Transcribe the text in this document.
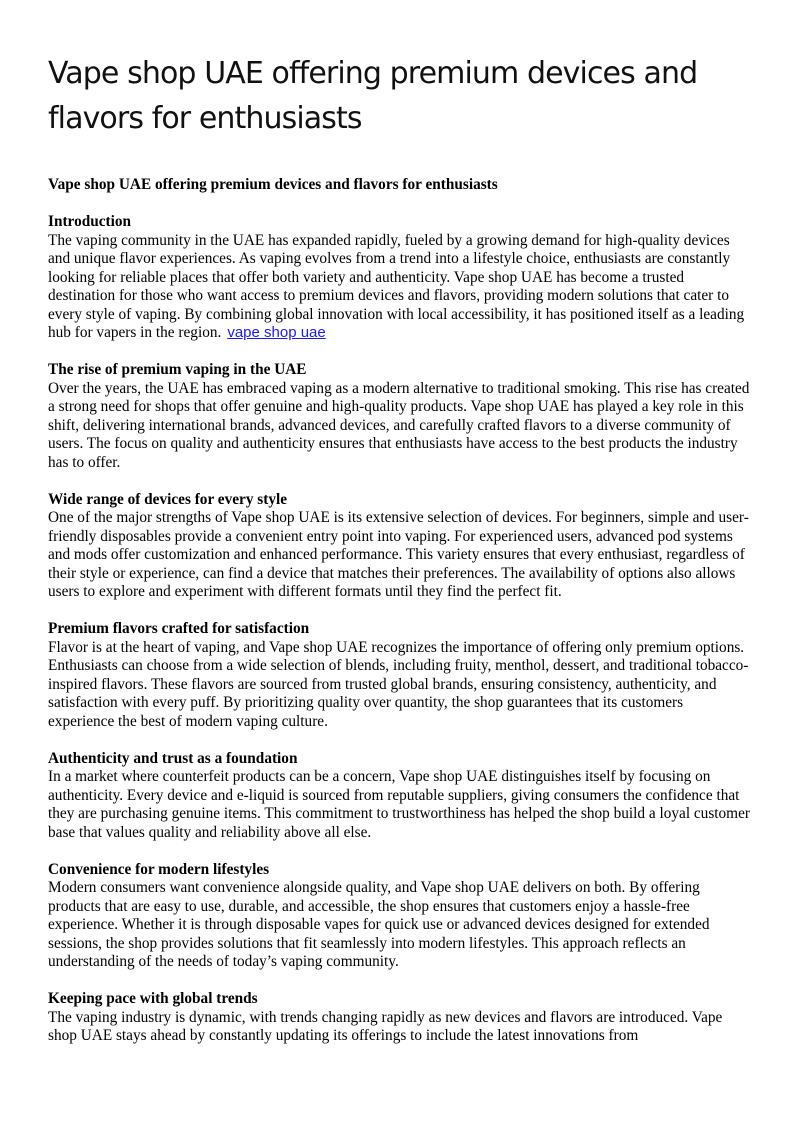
Vape shop UAE offering premium devices and flavors for enthusiasts

Vape shop UAE offering premium devices and flavors for enthusiasts

Introduction

The vaping community in the UAE has expanded rapidly, fueled by a growing demand for high-quality devices and unique flavor experiences. As vaping evolves from a trend into a lifestyle choice, enthusiasts are constantly looking for reliable places that offer both variety and authenticity. Vape shop UAE has become a trusted destination for those who want access to premium devices and flavors, providing modern solutions that cater to every style of vaping. By combining global innovation with local accessibility, it has positioned itself as a leading hub for vapers in the region. vape shop uae

The rise of premium vaping in the UAE

Over the years, the UAE has embraced vaping as a modern alternative to traditional smoking. This rise has created a strong need for shops that offer genuine and high-quality products. Vape shop UAE has played a key role in this shift, delivering international brands, advanced devices, and carefully crafted flavors to a diverse community of users. The focus on quality and authenticity ensures that enthusiasts have access to the best products the industry has to offer.

Wide range of devices for every style

One of the major strengths of Vape shop UAE is its extensive selection of devices. For beginners, simple and user-friendly disposables provide a convenient entry point into vaping. For experienced users, advanced pod systems and mods offer customization and enhanced performance. This variety ensures that every enthusiast, regardless of their style or experience, can find a device that matches their preferences. The availability of options also allows users to explore and experiment with different formats until they find the perfect fit.

Premium flavors crafted for satisfaction

Flavor is at the heart of vaping, and Vape shop UAE recognizes the importance of offering only premium options. Enthusiasts can choose from a wide selection of blends, including fruity, menthol, dessert, and traditional tobacco-inspired flavors. These flavors are sourced from trusted global brands, ensuring consistency, authenticity, and satisfaction with every puff. By prioritizing quality over quantity, the shop guarantees that its customers experience the best of modern vaping culture.

Authenticity and trust as a foundation

In a market where counterfeit products can be a concern, Vape shop UAE distinguishes itself by focusing on authenticity. Every device and e-liquid is sourced from reputable suppliers, giving consumers the confidence that they are purchasing genuine items. This commitment to trustworthiness has helped the shop build a loyal customer base that values quality and reliability above all else.

Convenience for modern lifestyles

Modern consumers want convenience alongside quality, and Vape shop UAE delivers on both. By offering products that are easy to use, durable, and accessible, the shop ensures that customers enjoy a hassle-free experience. Whether it is through disposable vapes for quick use or advanced devices designed for extended sessions, the shop provides solutions that fit seamlessly into modern lifestyles. This approach reflects an understanding of the needs of today’s vaping community.

Keeping pace with global trends

The vaping industry is dynamic, with trends changing rapidly as new devices and flavors are introduced. Vape shop UAE stays ahead by constantly updating its offerings to include the latest innovations from
